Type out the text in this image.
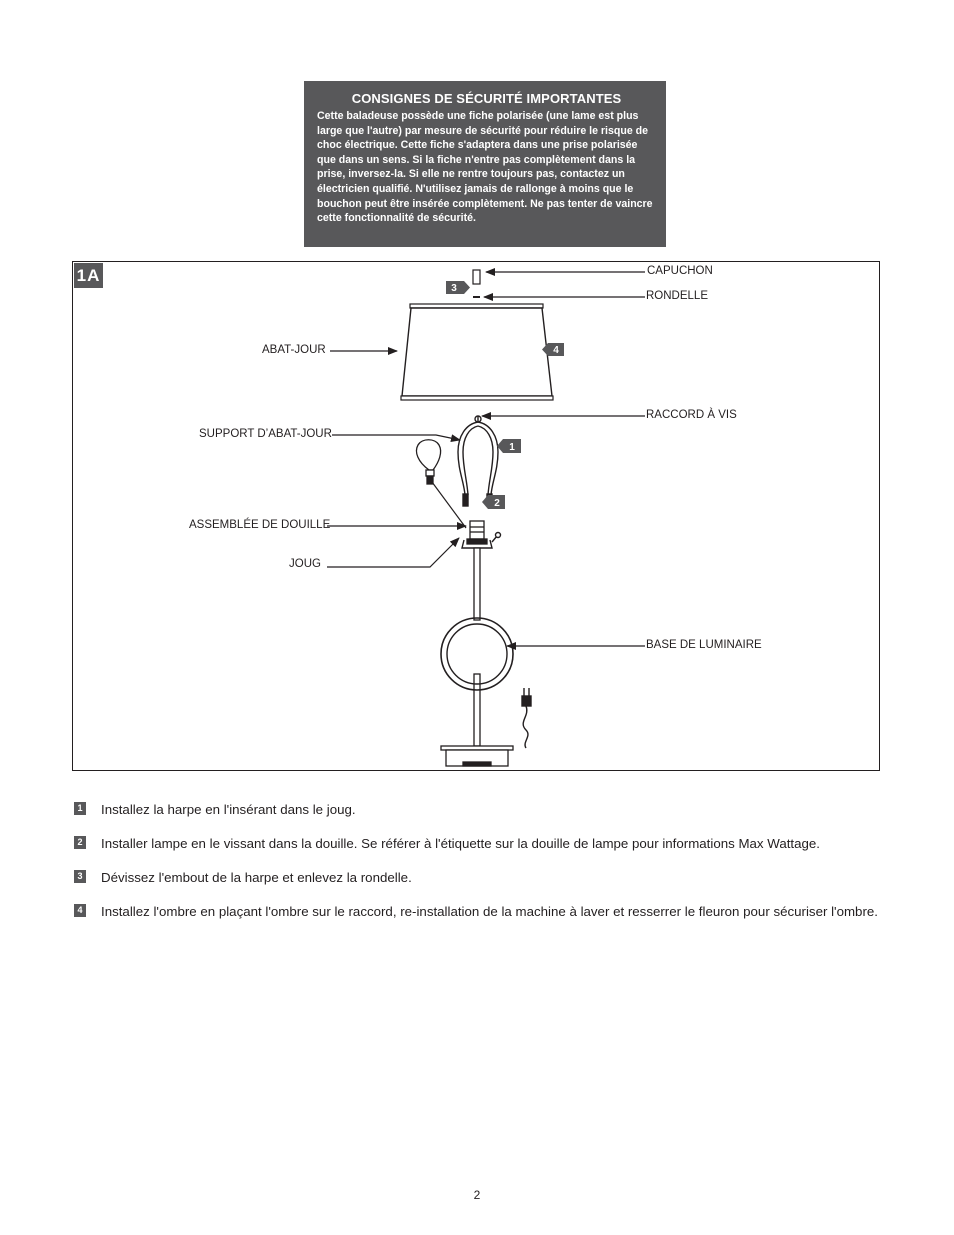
CONSIGNES DE SÉCURITÉ IMPORTANTES
Cette baladeuse possède une fiche polarisée (une lame est plus large que l'autre) par mesure de sécurité pour réduire le risque de choc électrique. Cette fiche s'adaptera dans une prise polarisée que dans un sens. Si la fiche n'entre pas complètement dans la prise, inversez-la. Si elle ne rentre toujours pas, contactez un électricien qualifié. N'utilisez jamais de rallonge à moins que le bouchon peut être insérée complètement. Ne pas tenter de vaincre cette fonctionnalité de sécurité.
1A
3
4
1
2
CAPUCHON
RONDELLE
ABAT-JOUR
RACCORD À VIS
SUPPORT D’ABAT-JOUR
ASSEMBLÉE DE DOUILLE
JOUG
BASE DE LUMINAIRE
1 Installez la harpe en l'insérant dans le joug.
2 Installer lampe en le vissant dans la douille. Se référer à l'étiquette sur la douille de lampe pour informations Max Wattage.
3 Dévissez l'embout de la harpe et enlevez la rondelle.
4 Installez l'ombre en plaçant l'ombre sur le raccord, re-installation de la machine à laver et resserrer le fleuron pour sécuriser l'ombre.
2
